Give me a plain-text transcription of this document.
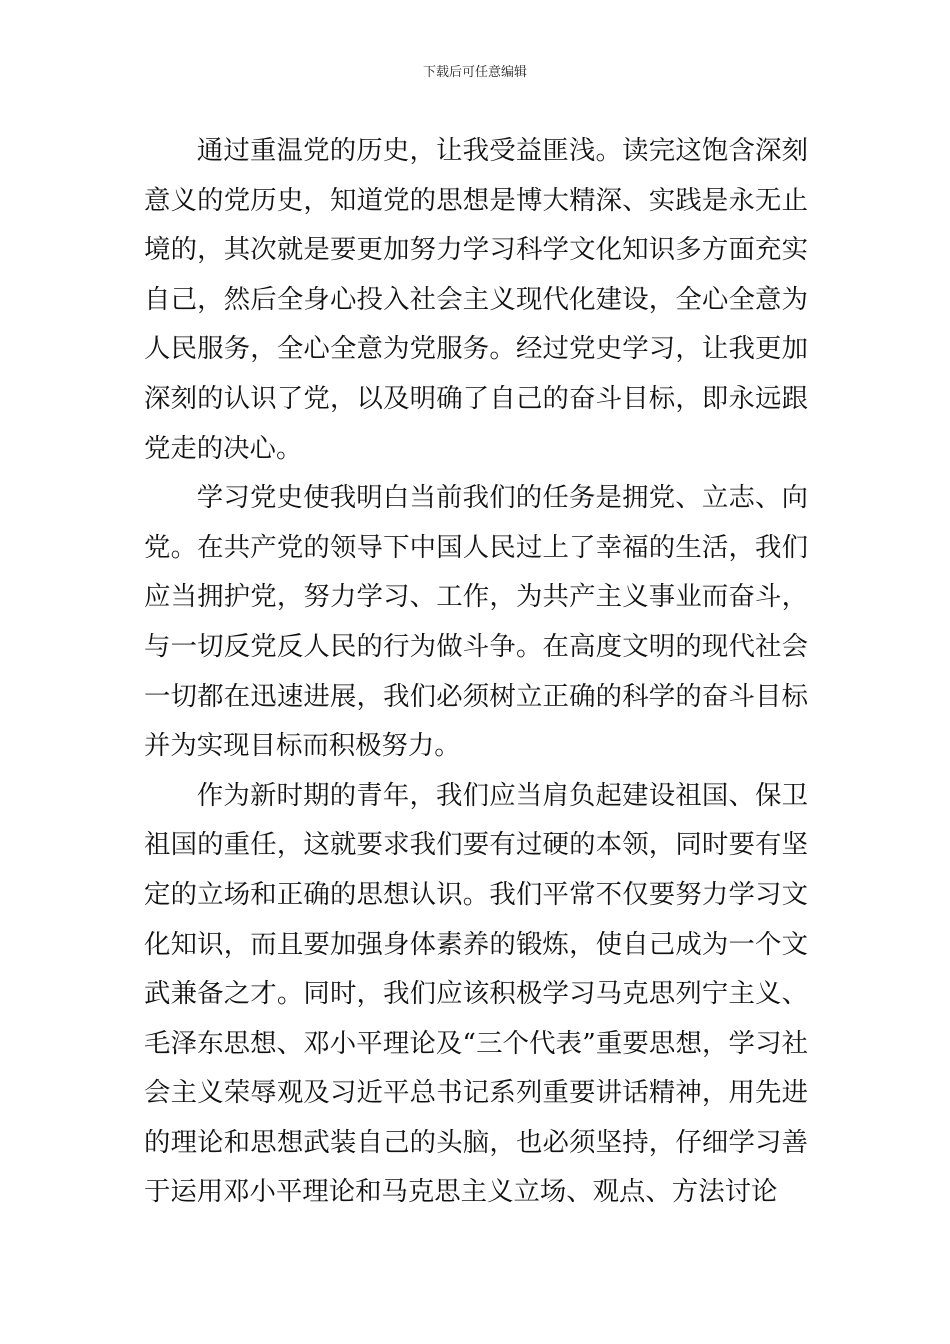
下载后可任意编辑

通过重温党的历史，让我受益匪浅。读完这饱含深刻意义的党历史，知道党的思想是博大精深、实践是永无止境的，其次就是要更加努力学习科学文化知识多方面充实自己，然后全身心投入社会主义现代化建设，全心全意为人民服务，全心全意为党服务。经过党史学习，让我更加深刻的认识了党，以及明确了自己的奋斗目标，即永远跟党走的决心。

学习党史使我明白当前我们的任务是拥党、立志、向党。在共产党的领导下中国人民过上了幸福的生活，我们应当拥护党，努力学习、工作，为共产主义事业而奋斗，与一切反党反人民的行为做斗争。在高度文明的现代社会一切都在迅速进展，我们必须树立正确的科学的奋斗目标并为实现目标而积极努力。

作为新时期的青年，我们应当肩负起建设祖国、保卫祖国的重任，这就要求我们要有过硬的本领，同时要有坚定的立场和正确的思想认识。我们平常不仅要努力学习文化知识，而且要加强身体素养的锻炼，使自己成为一个文武兼备之才。同时，我们应该积极学习马克思列宁主义、毛泽东思想、邓小平理论及“三个代表”重要思想，学习社会主义荣辱观及习近平总书记系列重要讲话精神，用先进的理论和思想武装自己的头脑，也必须坚持，仔细学习善于运用邓小平理论和马克思主义立场、观点、方法讨论
